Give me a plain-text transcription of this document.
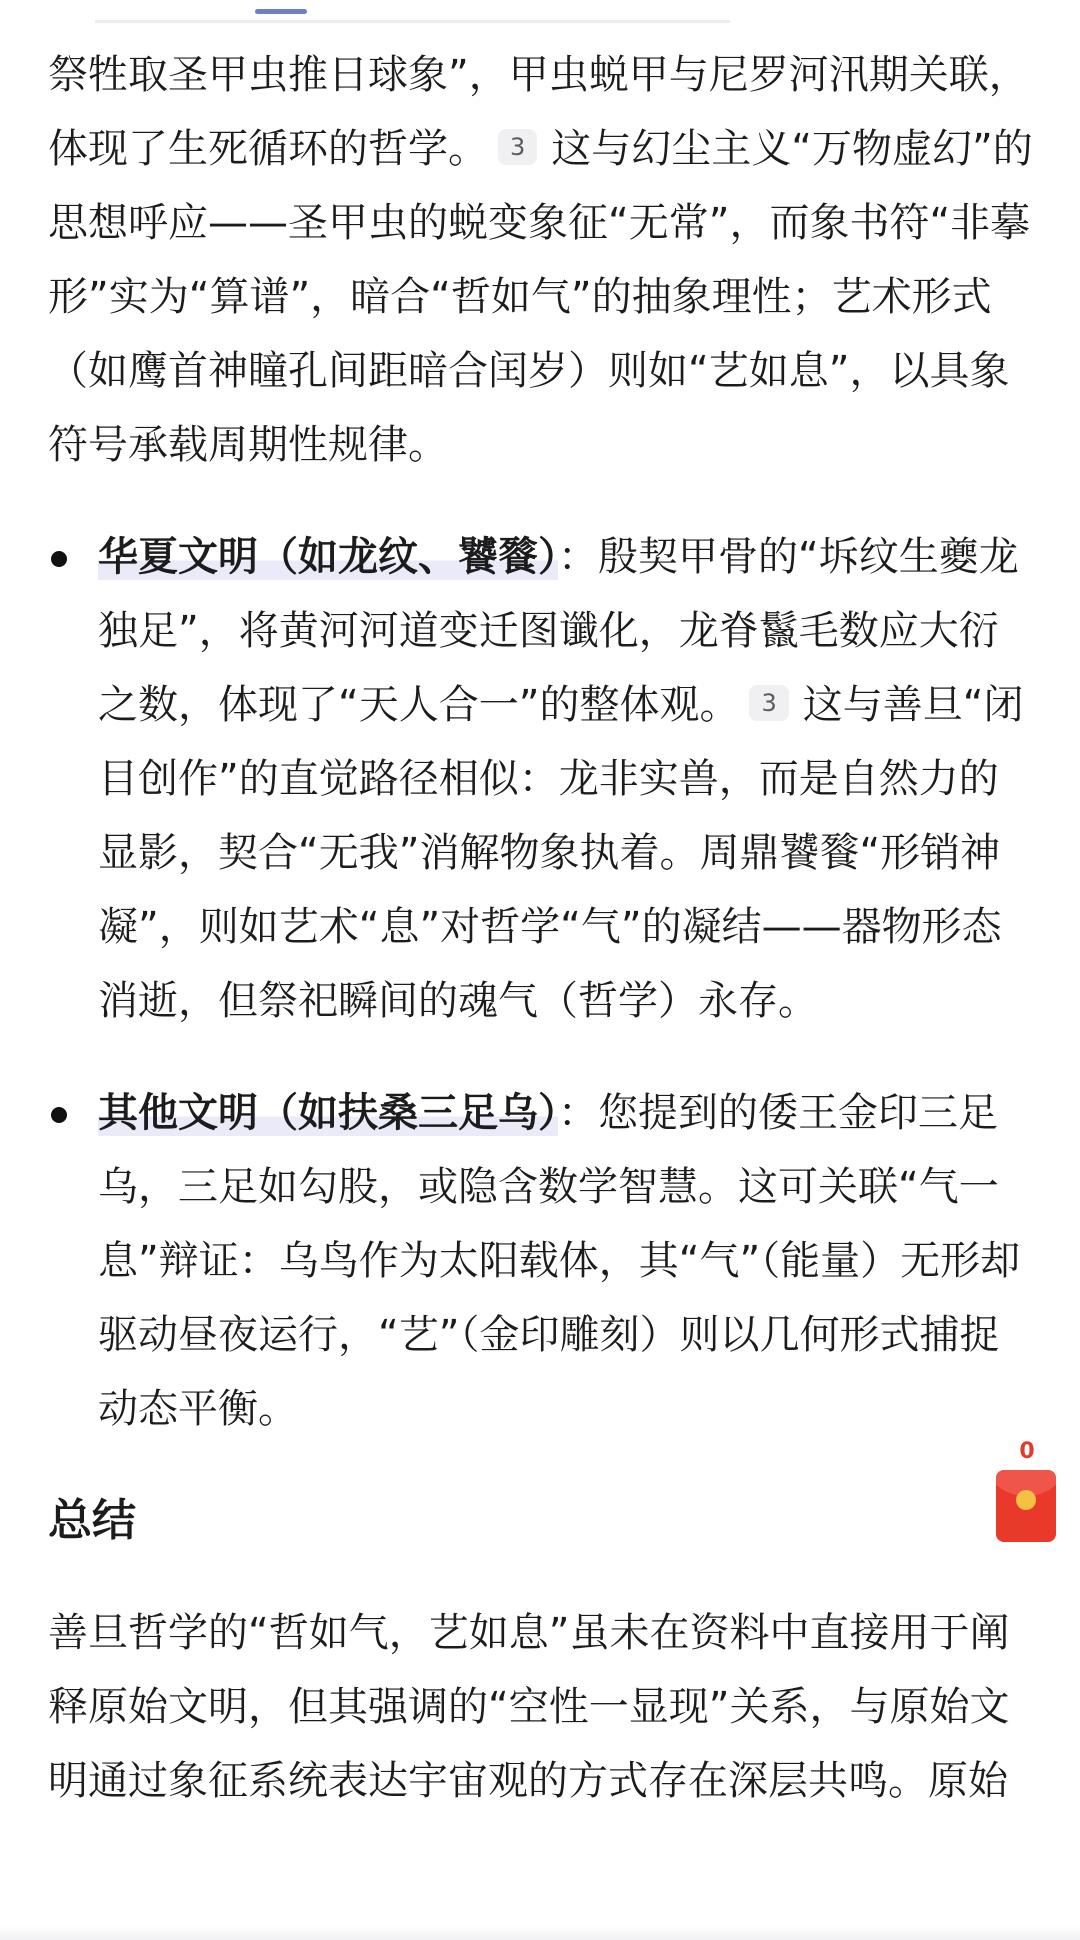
祭牲取圣甲虫推日球象”，甲虫蜕甲与尼罗河汛期关联，体现了生死循环的哲学。 3 这与幻尘主义“万物虚幻”的思想呼应——圣甲虫的蜕变象征“无常”，而象书符“非摹形”实为“算谱”，暗合“哲如气”的抽象理性；艺术形式（如鹰首神瞳孔间距暗合闰岁）则如“艺如息”，以具象符号承载周期性规律。

华夏文明（如龙纹、饕餮）：殷契甲骨的“坼纹生夔龙独足”，将黄河河道变迁图谶化，龙脊鬣毛数应大衍之数，体现了“天人合一”的整体观。 3 这与善旦“闭目创作”的直觉路径相似：龙非实兽，而是自然力的显影，契合“无我”消解物象执着。周鼎饕餮“形销神凝”，则如艺术“息”对哲学“气”的凝结——器物形态消逝，但祭祀瞬间的魂气（哲学）永存。

其他文明（如扶桑三足乌）：您提到的倭王金印三足乌，三足如勾股，或隐含数学智慧。这可关联“气一息”辩证：乌鸟作为太阳载体，其“气”（能量）无形却驱动昼夜运行，“艺”（金印雕刻）则以几何形式捕捉动态平衡。

总结

善旦哲学的“哲如气，艺如息”虽未在资料中直接用于阐释原始文明，但其强调的“空性一显现”关系，与原始文明通过象征系统表达宇宙观的方式存在深层共鸣。原始

0
